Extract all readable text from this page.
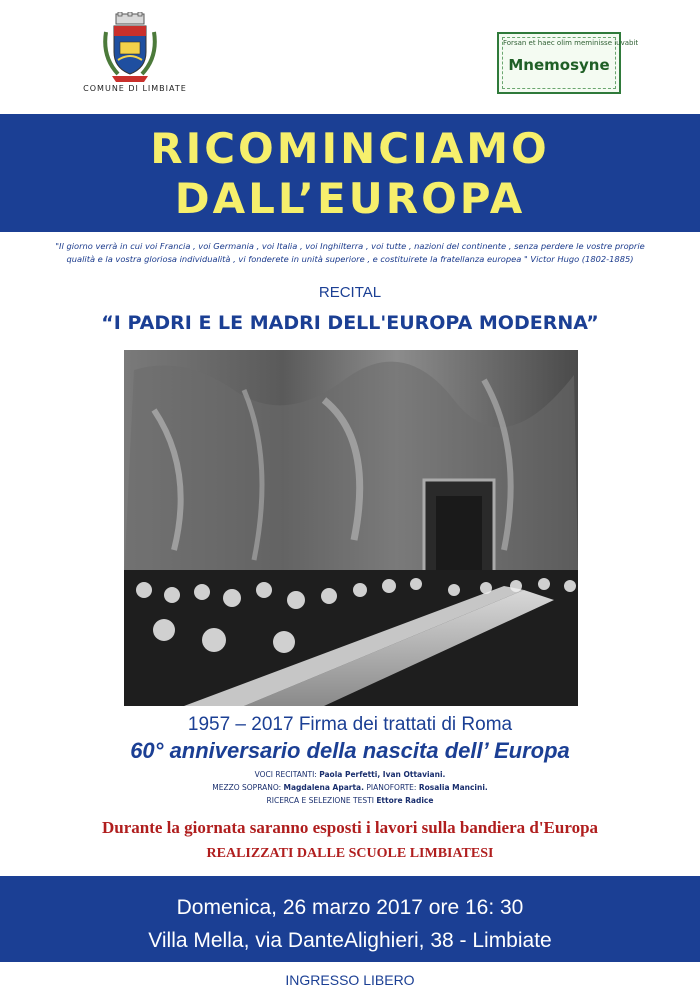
COMUNE DI LIMBIATE
Forsan et haec olim meminisse iuvabit
Mnemosyne
RICOMINCIAMO
DALL’EUROPA
"Il giorno verrà in cui voi Francia , voi Germania , voi Italia , voi Inghilterra , voi tutte , nazioni del continente , senza perdere le vostre proprie
qualità e la vostra gloriosa individualità , vi fonderete in unità superiore , e costituirete la fratellanza europea " Victor Hugo (1802-1885)
RECITAL
“I PADRI E LE MADRI DELL'EUROPA MODERNA”
1957 – 2017 Firma dei trattati di Roma
60° anniversario della nascita dell’ Europa
VOCI RECITANTI: Paola Perfetti, Ivan Ottaviani.
MEZZO SOPRANO: Magdalena Aparta. PIANOFORTE: Rosalia Mancini.
RICERCA E SELEZIONE TESTI Ettore Radice
Durante la giornata saranno esposti i lavori sulla bandiera d'Europa
REALIZZATI DALLE SCUOLE LIMBIATESI
Domenica, 26 marzo 2017 ore 16: 30
Villa Mella, via DanteAlighieri, 38 - Limbiate
INGRESSO LIBERO
